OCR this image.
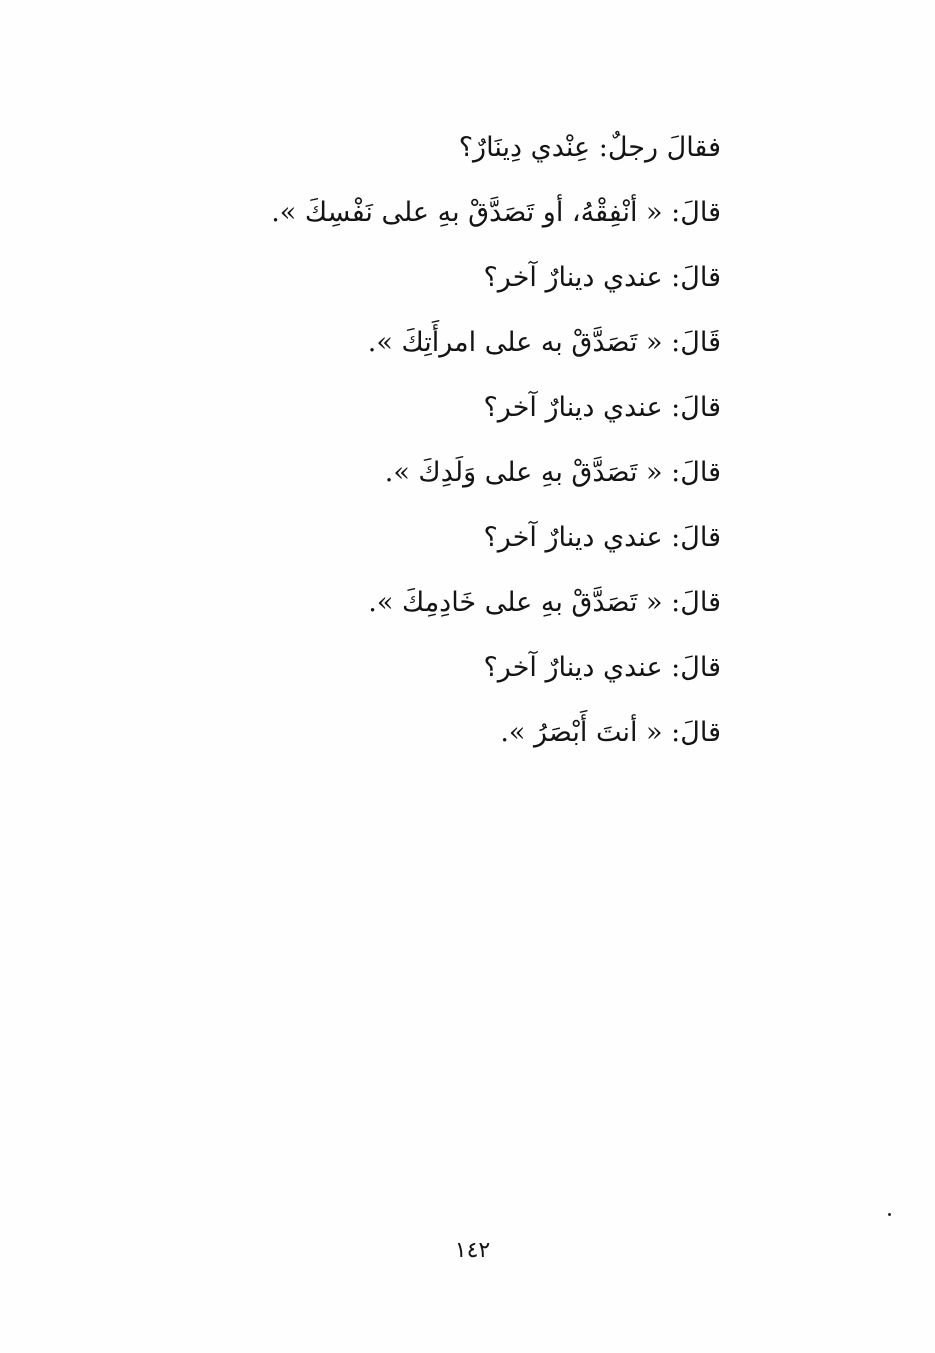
فقالَ رجلٌ: عِنْدي دِينَارٌ؟
قالَ: « أنْفِقْهُ، أو تَصَدَّقْ بهِ على نَفْسِكَ ».
قالَ: عندي دينارٌ آخر؟
قَالَ: « تَصَدَّقْ به على امرأَتِكَ ».
قالَ: عندي دينارٌ آخر؟
قالَ: « تَصَدَّقْ بهِ على وَلَدِكَ ».
قالَ: عندي دينارٌ آخر؟
قالَ: « تَصَدَّقْ بهِ على خَادِمِكَ ».
قالَ: عندي دينارٌ آخر؟
قالَ: « أنتَ أَبْصَرُ ».
١٤٢
